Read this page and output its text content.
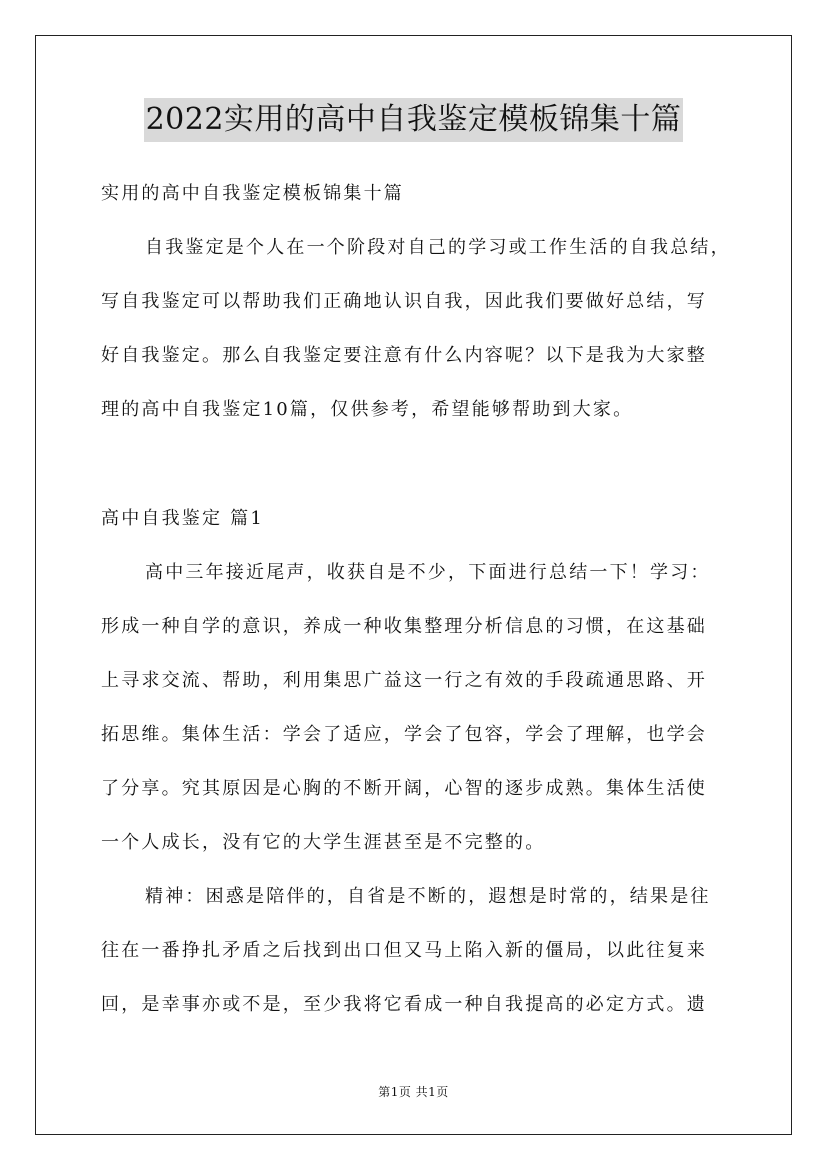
2022实用的高中自我鉴定模板锦集十篇
实用的高中自我鉴定模板锦集十篇
自我鉴定是个人在一个阶段对自己的学习或工作生活的自我总结，
写自我鉴定可以帮助我们正确地认识自我，因此我们要做好总结，写
好自我鉴定。那么自我鉴定要注意有什么内容呢？以下是我为大家整
理的高中自我鉴定10篇，仅供参考，希望能够帮助到大家。
高中自我鉴定 篇1
高中三年接近尾声，收获自是不少，下面进行总结一下！学习：
形成一种自学的意识，养成一种收集整理分析信息的习惯，在这基础
上寻求交流、帮助，利用集思广益这一行之有效的手段疏通思路、开
拓思维。集体生活：学会了适应，学会了包容，学会了理解，也学会
了分享。究其原因是心胸的不断开阔，心智的逐步成熟。集体生活使
一个人成长，没有它的大学生涯甚至是不完整的。
精神：困惑是陪伴的，自省是不断的，遐想是时常的，结果是往
往在一番挣扎矛盾之后找到出口但又马上陷入新的僵局，以此往复来
回，是幸事亦或不是，至少我将它看成一种自我提高的必定方式。遗
第1页 共1页
